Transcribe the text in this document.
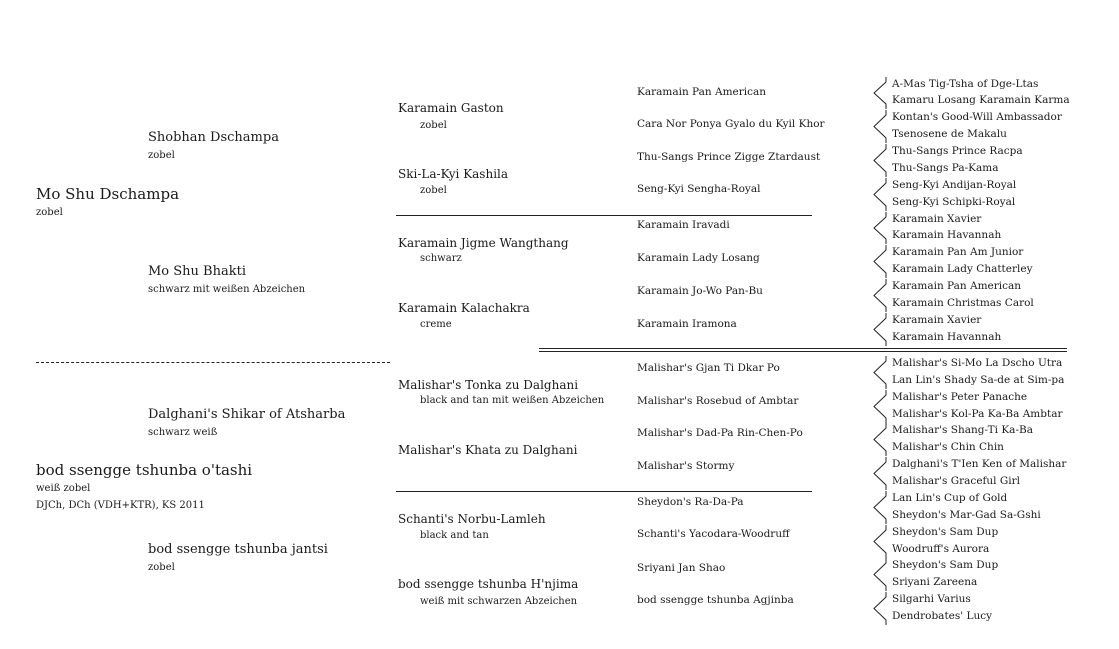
Mo Shu Dschampa
zobel
bod ssengge tshunba o'tashi
weiß zobel
DJCh, DCh (VDH+KTR), KS 2011
Shobhan Dschampa
zobel
Mo Shu Bhakti
schwarz mit weißen Abzeichen
Dalghani's Shikar of Atsharba
schwarz weiß
bod ssengge tshunba jantsi
zobel
Karamain Gaston
zobel
Ski-La-Kyi Kashila
zobel
Karamain Jigme Wangthang
schwarz
Karamain Kalachakra
creme
Malishar's Tonka zu Dalghani
black and tan mit weißen Abzeichen
Malishar's Khata zu Dalghani
Schanti's Norbu-Lamleh
black and tan
bod ssengge tshunba H'njima
weiß mit schwarzen Abzeichen
Karamain Pan American
Cara Nor Ponya Gyalo du Kyil Khor
Thu-Sangs Prince Zigge Ztardaust
Seng-Kyi Sengha-Royal
Karamain Iravadi
Karamain Lady Losang
Karamain Jo-Wo Pan-Bu
Karamain Iramona
Malishar's Gjan Ti Dkar Po
Malishar's Rosebud of Ambtar
Malishar's Dad-Pa Rin-Chen-Po
Malishar's Stormy
Sheydon's Ra-Da-Pa
Schanti's Yacodara-Woodruff
Sriyani Jan Shao
bod ssengge tshunba Agjinba
A-Mas Tig-Tsha of Dge-Ltas
Kamaru Losang Karamain Karma
Kontan's Good-Will Ambassador
Tsenosene de Makalu
Thu-Sangs Prince Racpa
Thu-Sangs Pa-Kama
Seng-Kyi Andijan-Royal
Seng-Kyi Schipki-Royal
Karamain Xavier
Karamain Havannah
Karamain Pan Am Junior
Karamain Lady Chatterley
Karamain Pan American
Karamain Christmas Carol
Karamain Xavier
Karamain Havannah
Malishar's Si-Mo La Dscho Utra
Lan Lin's Shady Sa-de at Sim-pa
Malishar's Peter Panache
Malishar's Kol-Pa Ka-Ba Ambtar
Malishar's Shang-Ti Ka-Ba
Malishar's Chin Chin
Dalghani's T'Ien Ken of Malishar
Malishar's Graceful Girl
Lan Lin's Cup of Gold
Sheydon's Mar-Gad Sa-Gshi
Sheydon's Sam Dup
Woodruff's Aurora
Sheydon's Sam Dup
Sriyani Zareena
Silgarhi Varius
Dendrobates' Lucy
